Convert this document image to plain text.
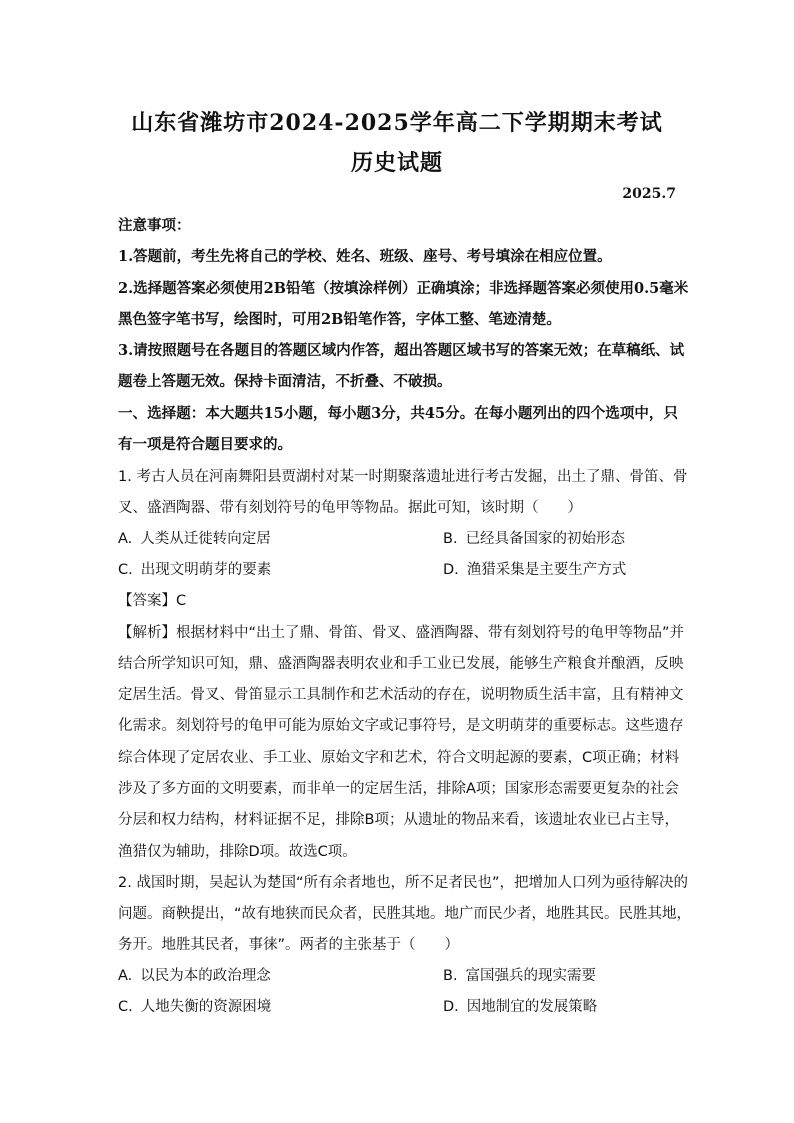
山东省潍坊市2024-2025学年高二下学期期末考试
历史试题
2025.7
注意事项：
1.答题前，考生先将自己的学校、姓名、班级、座号、考号填涂在相应位置。
2.选择题答案必须使用2B铅笔（按填涂样例）正确填涂；非选择题答案必须使用0.5毫米
黑色签字笔书写，绘图时，可用2B铅笔作答，字体工整、笔迹清楚。
3.请按照题号在各题目的答题区域内作答，超出答题区域书写的答案无效；在草稿纸、试
题卷上答题无效。保持卡面清洁，不折叠、不破损。
一、选择题：本大题共15小题，每小题3分，共45分。在每小题列出的四个选项中，只
有一项是符合题目要求的。
1. 考古人员在河南舞阳县贾湖村对某一时期聚落遗址进行考古发掘，出土了鼎、骨笛、骨
叉、盛酒陶器、带有刻划符号的龟甲等物品。据此可知，该时期（　　）
A. 人类从迁徙转向定居	B. 已经具备国家的初始形态
C. 出现文明萌芽的要素	D. 渔猎采集是主要生产方式
【答案】C
【解析】根据材料中“出土了鼎、骨笛、骨叉、盛酒陶器、带有刻划符号的龟甲等物品”并
结合所学知识可知，鼎、盛酒陶器表明农业和手工业已发展，能够生产粮食并酿酒，反映
定居生活。骨叉、骨笛显示工具制作和艺术活动的存在，说明物质生活丰富，且有精神文
化需求。刻划符号的龟甲可能为原始文字或记事符号，是文明萌芽的重要标志。这些遗存
综合体现了定居农业、手工业、原始文字和艺术，符合文明起源的要素，C项正确；材料
涉及了多方面的文明要素，而非单一的定居生活，排除A项；国家形态需要更复杂的社会
分层和权力结构，材料证据不足，排除B项；从遗址的物品来看，该遗址农业已占主导，
渔猎仅为辅助，排除D项。故选C项。
2. 战国时期，吴起认为楚国“所有余者地也，所不足者民也”，把增加人口列为亟待解决的
问题。商鞅提出，“故有地狭而民众者，民胜其地。地广而民少者，地胜其民。民胜其地，
务开。地胜其民者，事徕”。两者的主张基于（　　）
A. 以民为本的政治理念	B. 富国强兵的现实需要
C. 人地失衡的资源困境	D. 因地制宜的发展策略
